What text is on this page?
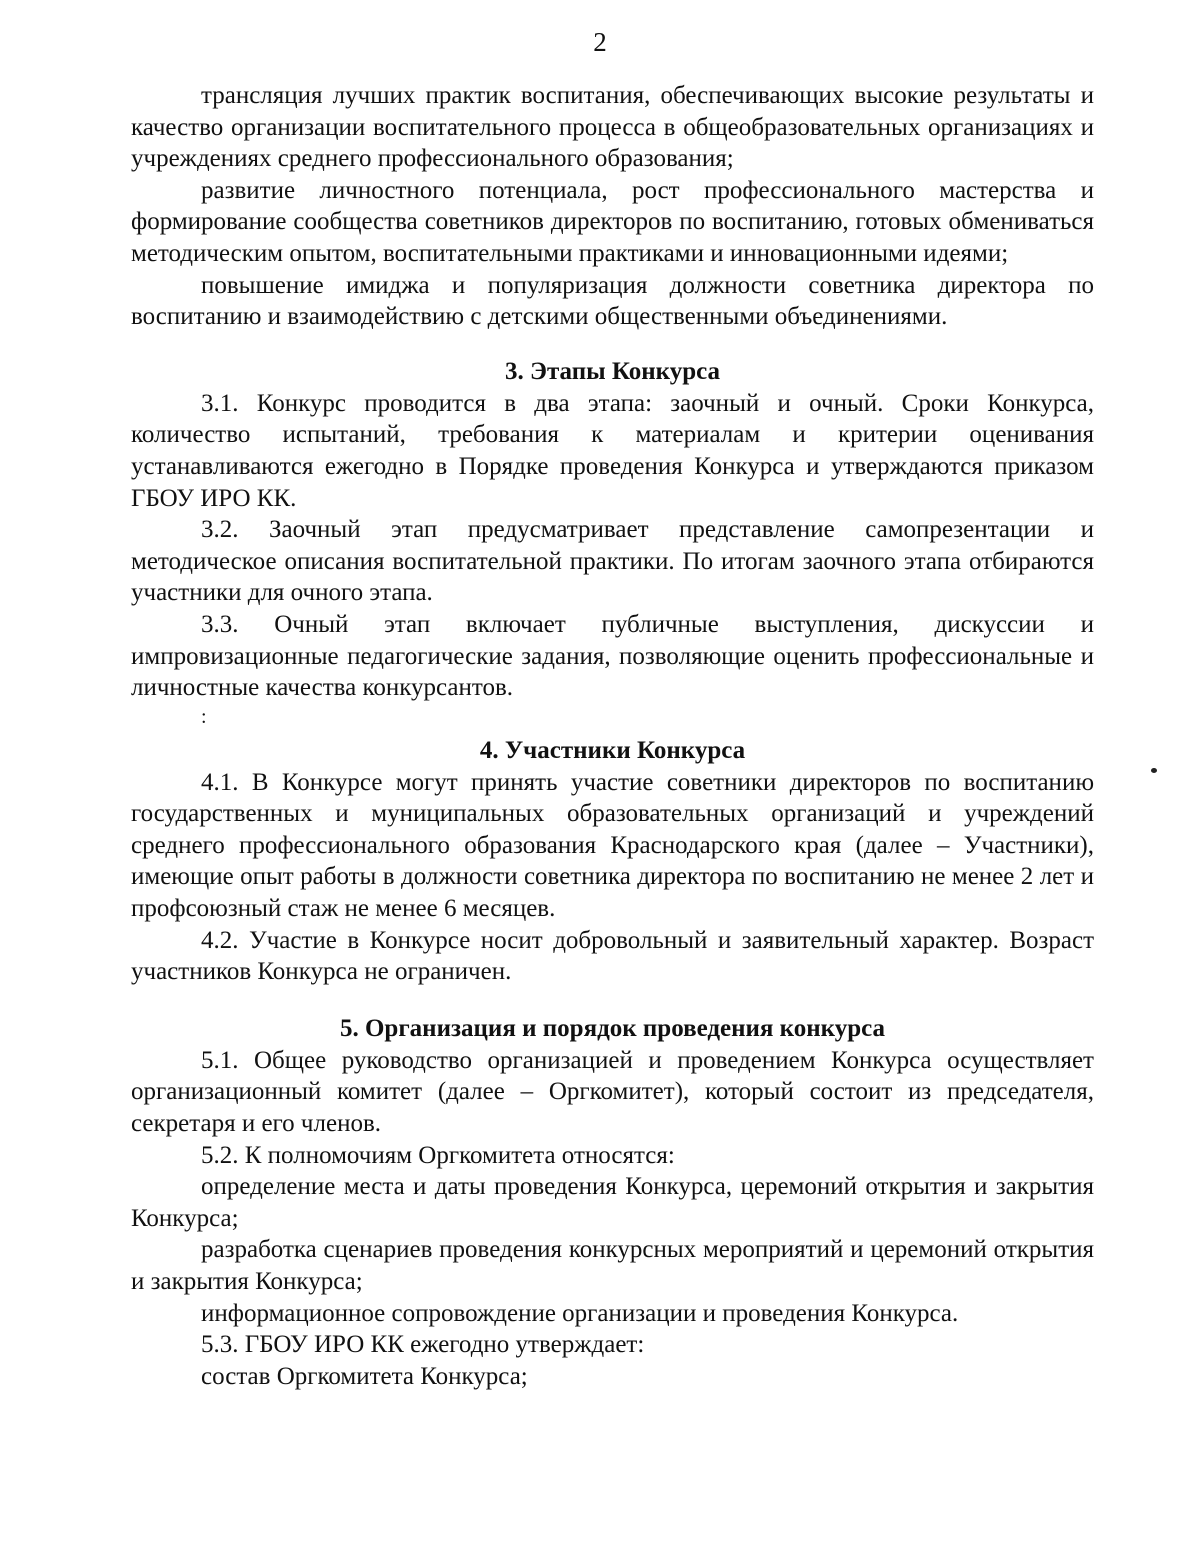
2

трансляция лучших практик воспитания, обеспечивающих высокие результаты и качество организации воспитательного процесса в общеобразовательных организациях и учреждениях среднего профессионального образования;

развитие личностного потенциала, рост профессионального мастерства и формирование сообщества советников директоров по воспитанию, готовых обмениваться методическим опытом, воспитательными практиками и инновационными идеями;

повышение имиджа и популяризация должности советника директора по воспитанию и взаимодействию с детскими общественными объединениями.

3. Этапы Конкурса

3.1. Конкурс проводится в два этапа: заочный и очный. Сроки Конкурса, количество испытаний, требования к материалам и критерии оценивания устанавливаются ежегодно в Порядке проведения Конкурса и утверждаются приказом ГБОУ ИРО КК.

3.2. Заочный этап предусматривает представление самопрезентации и методическое описания воспитательной практики. По итогам заочного этапа отбираются участники для очного этапа.

3.3. Очный этап включает публичные выступления, дискуссии и импровизационные педагогические задания, позволяющие оценить профессиональные и личностные качества конкурсантов.

:

4. Участники Конкурса

4.1. В Конкурсе могут принять участие советники директоров по воспитанию государственных и муниципальных образовательных организаций и учреждений среднего профессионального образования Краснодарского края (далее – Участники), имеющие опыт работы в должности советника директора по воспитанию не менее 2 лет и профсоюзный стаж не менее 6 месяцев.

4.2. Участие в Конкурсе носит добровольный и заявительный характер. Возраст участников Конкурса не ограничен.

5. Организация и порядок проведения конкурса

5.1. Общее руководство организацией и проведением Конкурса осуществляет организационный комитет (далее – Оргкомитет), который состоит из председателя, секретаря и его членов.

5.2. К полномочиям Оргкомитета относятся:

определение места и даты проведения Конкурса, церемоний открытия и закрытия Конкурса;

разработка сценариев проведения конкурсных мероприятий и церемоний открытия и закрытия Конкурса;

информационное сопровождение организации и проведения Конкурса.

5.3. ГБОУ ИРО КК ежегодно утверждает:

состав Оргкомитета Конкурса;
